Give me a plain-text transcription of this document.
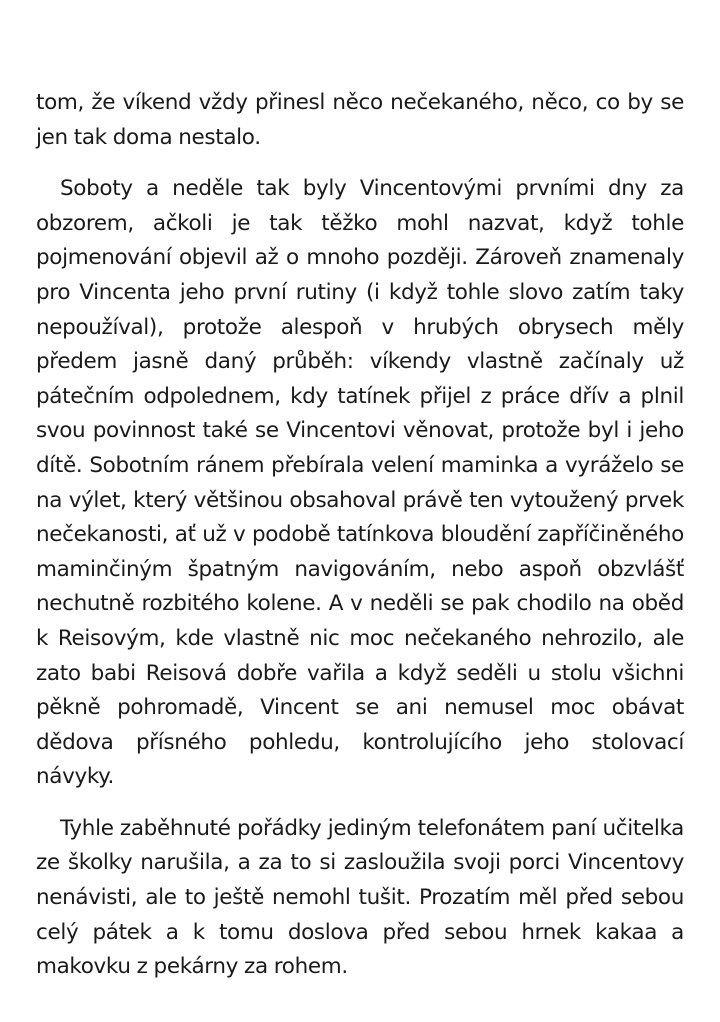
tom, že víkend vždy přinesl něco nečekaného, něco, co by se jen tak doma nestalo.

Soboty a neděle tak byly Vincentovými prvními dny za obzorem, ačkoli je tak těžko mohl nazvat, když tohle pojmenování objevil až o mnoho později. Zároveň znamenaly pro Vincenta jeho první rutiny (i když tohle slovo zatím taky nepoužíval), protože alespoň v hrubých obrysech měly předem jasně daný průběh: víkendy vlastně začínaly už pátečním odpolednem, kdy tatínek přijel z práce dřív a plnil svou povinnost také se Vincentovi věnovat, protože byl i jeho dítě. Sobotním ránem přebírala velení maminka a vyráželo se na výlet, který většinou obsahoval právě ten vytoužený prvek nečekanosti, ať už v podobě tatínkova bloudění zapříčiněného maminčiným špatným navigováním, nebo aspoň obzvlášť nechutně rozbitého kolene. A v neděli se pak chodilo na oběd k Reisovým, kde vlastně nic moc nečekaného nehrozilo, ale zato babi Reisová dobře vařila a když seděli u stolu všichni pěkně pohromadě, Vincent se ani nemusel moc obávat dědova přísného pohledu, kontrolujícího jeho stolovací návyky.

Tyhle zaběhnuté pořádky jediným telefonátem paní učitelka ze školky narušila, a za to si zasloužila svoji porci Vincentovy nenávisti, ale to ještě nemohl tušit. Prozatím měl před sebou celý pátek a k tomu doslova před sebou hrnek kakaa a makovku z pekárny za rohem.
